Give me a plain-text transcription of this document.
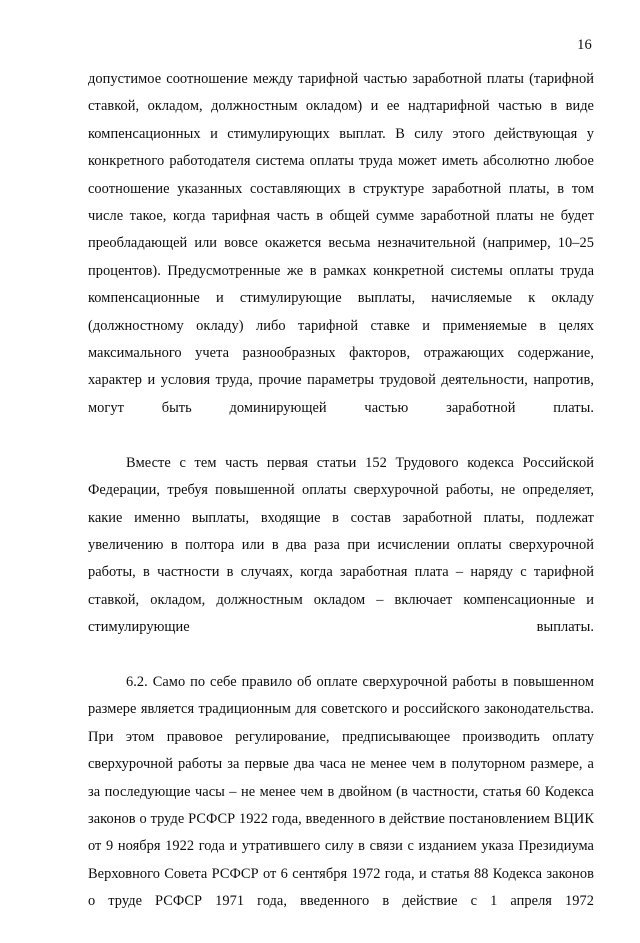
16

допустимое соотношение между тарифной частью заработной платы (тарифной ставкой, окладом, должностным окладом) и ее надтарифной частью в виде компенсационных и стимулирующих выплат. В силу этого действующая у конкретного работодателя система оплаты труда может иметь абсолютно любое соотношение указанных составляющих в структуре заработной платы, в том числе такое, когда тарифная часть в общей сумме заработной платы не будет преобладающей или вовсе окажется весьма незначительной (например, 10–25 процентов). Предусмотренные же в рамках конкретной системы оплаты труда компенсационные и стимулирующие выплаты, начисляемые к окладу (должностному окладу) либо тарифной ставке и применяемые в целях максимального учета разнообразных факторов, отражающих содержание, характер и условия труда, прочие параметры трудовой деятельности, напротив, могут быть доминирующей частью заработной платы.

Вместе с тем часть первая статьи 152 Трудового кодекса Российской Федерации, требуя повышенной оплаты сверхурочной работы, не определяет, какие именно выплаты, входящие в состав заработной платы, подлежат увеличению в полтора или в два раза при исчислении оплаты сверхурочной работы, в частности в случаях, когда заработная плата – наряду с тарифной ставкой, окладом, должностным окладом – включает компенсационные и стимулирующие выплаты.

6.2. Само по себе правило об оплате сверхурочной работы в повышенном размере является традиционным для советского и российского законодательства. При этом правовое регулирование, предписывающее производить оплату сверхурочной работы за первые два часа не менее чем в полуторном размере, а за последующие часы – не менее чем в двойном (в частности, статья 60 Кодекса законов о труде РСФСР 1922 года, введенного в действие постановлением ВЦИК от 9 ноября 1922 года и утратившего силу в связи с изданием указа Президиума Верховного Совета РСФСР от 6 сентября 1972 года, и статья 88 Кодекса законов о труде РСФСР 1971 года, введенного в действие с 1 апреля 1972
